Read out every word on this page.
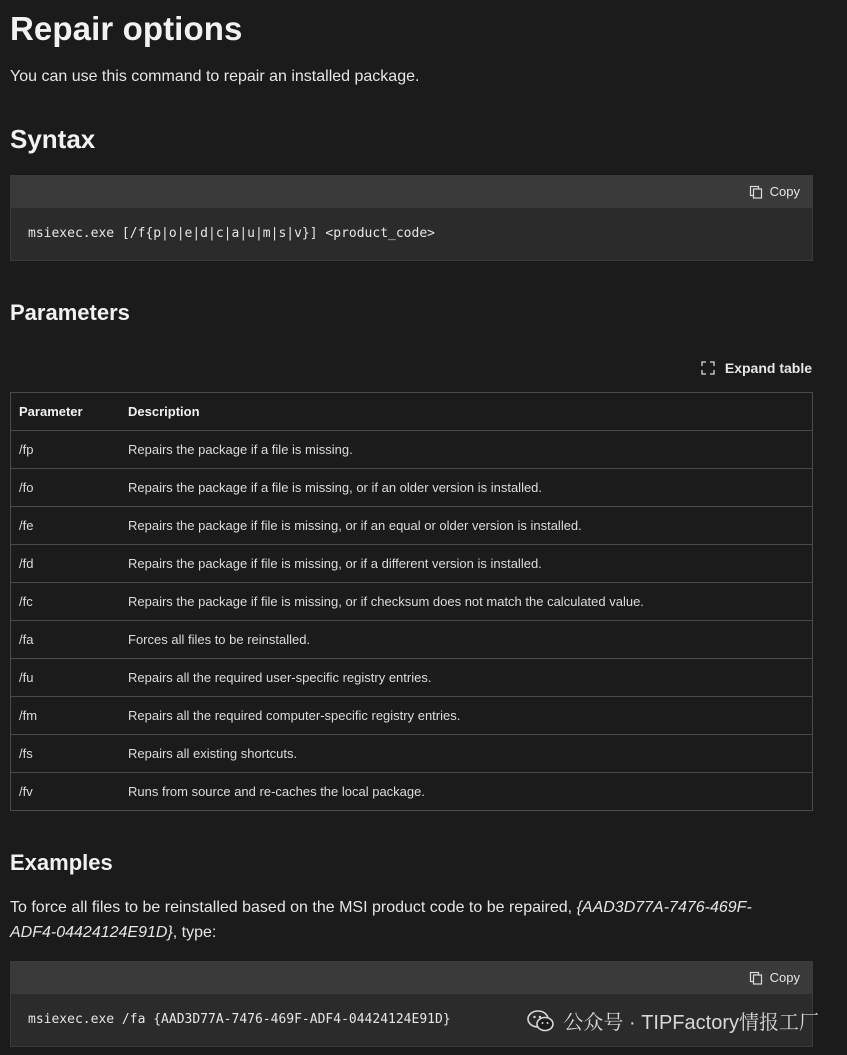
Repair options

You can use this command to repair an installed package.

Syntax
Copy
msiexec.exe [/f{p|o|e|d|c|a|u|m|s|v}] <product_code>
Parameters
Expand table
Parameter	Description
/fp	Repairs the package if a file is missing.
/fo	Repairs the package if a file is missing, or if an older version is installed.
/fe	Repairs the package if file is missing, or if an equal or older version is installed.
/fd	Repairs the package if file is missing, or if a different version is installed.
/fc	Repairs the package if file is missing, or if checksum does not match the calculated value.
/fa	Forces all files to be reinstalled.
/fu	Repairs all the required user-specific registry entries.
/fm	Repairs all the required computer-specific registry entries.
/fs	Repairs all existing shortcuts.
/fv	Runs from source and re-caches the local package.
Examples

To force all files to be reinstalled based on the MSI product code to be repaired, {AAD3D77A-7476-469F-ADF4-04424124E91D}, type:

Copy
msiexec.exe /fa {AAD3D77A-7476-469F-ADF4-04424124E91D}	公众号 · TIPFactory情报工厂
